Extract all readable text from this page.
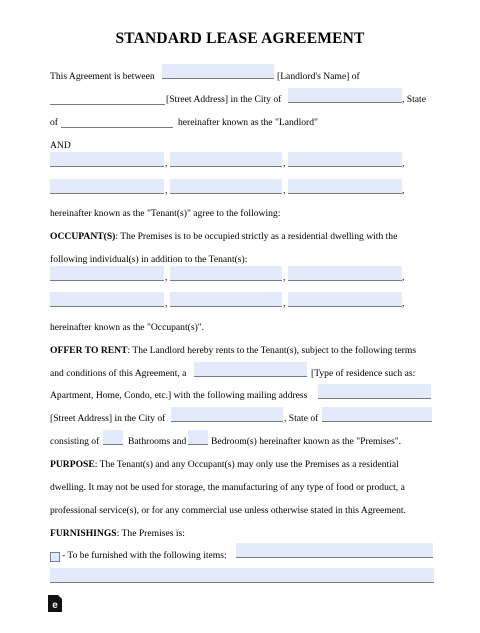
STANDARD LEASE AGREEMENT
This Agreement is between	[Landlord's Name] of
[Street Address] in the City of	, State
of	hereinafter known as the "Landlord"
AND
,	,	,
,	,	,
hereinafter known as the "Tenant(s)" agree to the following:
OCCUPANT(S): The Premises is to be occupied strictly as a residential dwelling with the
following individual(s) in addition to the Tenant(s):
,	,	,
,	,	,
hereinafter known as the "Occupant(s)".
OFFER TO RENT: The Landlord hereby rents to the Tenant(s), subject to the following terms
and conditions of this Agreement, a	[Type of residence such as:
Apartment, Home, Condo, etc.] with the following mailing address
[Street Address] in the City of	, State of
consisting of	Bathrooms and	Bedroom(s) hereinafter known as the "Premises".
PURPOSE: The Tenant(s) and any Occupant(s) may only use the Premises as a residential
dwelling. It may not be used for storage, the manufacturing of any type of food or product, a
professional service(s), or for any commercial use unless otherwise stated in this Agreement.
FURNISHINGS: The Premises is:
- To be furnished with the following items:
e
